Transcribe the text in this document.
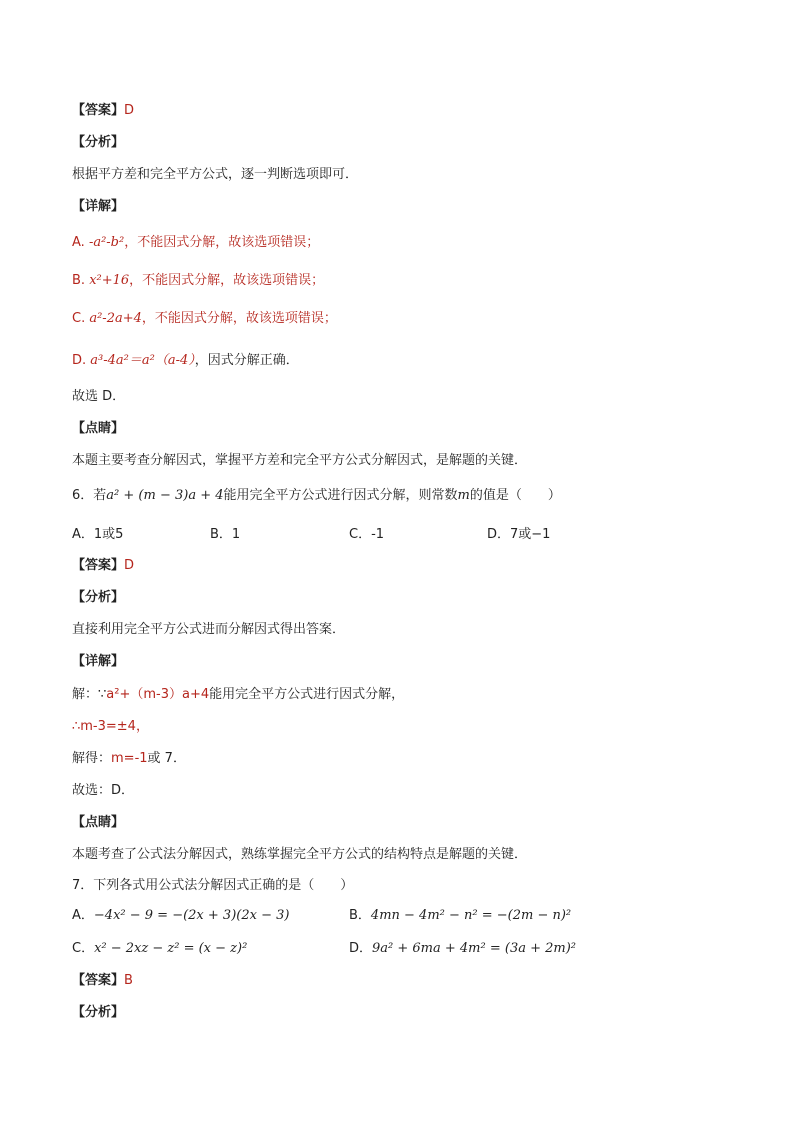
【答案】D
【分析】
根据平方差和完全平方公式，逐一判断选项即可．
【详解】
A. -a²-b²，不能因式分解，故该选项错误；
B. x²+16，不能因式分解，故该选项错误；
C. a²-2a+4，不能因式分解，故该选项错误；
D. a³-4a²＝a²（a-4），因式分解正确．
故选 D．
【点睛】
本题主要考查分解因式，掌握平方差和完全平方公式分解因式，是解题的关键．
6．若a² + (m − 3)a + 4能用完全平方公式进行因式分解，则常数m的值是（　　）
A．1或5	B．1	C．-1	D．7或−1
【答案】D
【分析】
直接利用完全平方公式进而分解因式得出答案．
【详解】
解：∵a²+（m-3）a+4能用完全平方公式进行因式分解，
∴m-3=±4，
解得：m=-1或 7．
故选：D．
【点睛】
本题考查了公式法分解因式，熟练掌握完全平方公式的结构特点是解题的关键．
7．下列各式用公式法分解因式正确的是（　　）
A．−4x² − 9 = −(2x + 3)(2x − 3)	B．4mn − 4m² − n² = −(2m − n)²
C．x² − 2xz − z² = (x − z)²	D．9a² + 6ma + 4m² = (3a + 2m)²
【答案】B
【分析】
